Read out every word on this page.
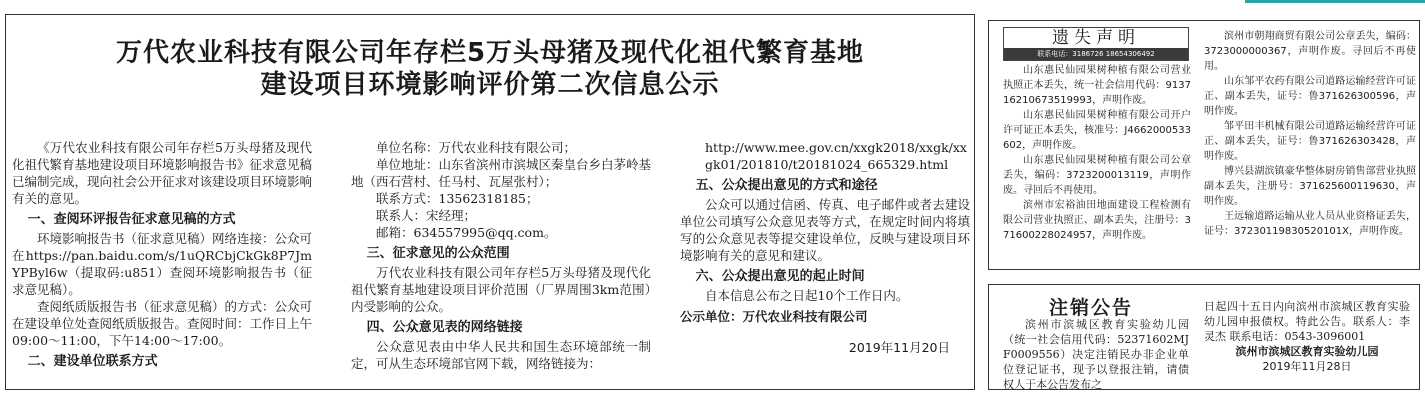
万代农业科技有限公司年存栏5万头母猪及现代化祖代繁育基地
建设项目环境影响评价第二次信息公示

《万代农业科技有限公司年存栏5万头母猪及现代化祖代繁育基地建设项目环境影响报告书》征求意见稿已编制完成，现向社会公开征求对该建设项目环境影响有关的意见。

一、查阅环评报告征求意见稿的方式

环境影响报告书（征求意见稿）网络连接：公众可在https://pan.baidu.com/s/1uQRCbjCkGk8P7JmYPByl6w（提取码:u851）查阅环境影响报告书（征求意见稿）。

查阅纸质版报告书（征求意见稿）的方式：公众可在建设单位处查阅纸质版报告。查阅时间：工作日上午09:00～11:00，下午14:00～17:00。

二、建设单位联系方式

单位名称：万代农业科技有限公司；

单位地址：山东省滨州市滨城区秦皇台乡白茅岭基地（西石营村、任马村、瓦屋张村）；

联系方式：13562318185；

联系人：宋经理；

邮箱：634557995@qq.com。

三、征求意见的公众范围

万代农业科技有限公司年存栏5万头母猪及现代化祖代繁育基地建设项目评价范围（厂界周围3km范围）内受影响的公众。

四、公众意见表的网络链接

公众意见表由中华人民共和国生态环境部统一制定，可从生态环境部官网下载，网络链接为：

http://www.mee.gov.cn/xxgk2018/xxgk/xxgk01/201810/t20181024_665329.html

五、公众提出意见的方式和途径

公众可以通过信函、传真、电子邮件或者去建设单位公司填写公众意见表等方式，在规定时间内将填写的公众意见表等提交建设单位，反映与建设项目环境影响有关的意见和建议。

六、公众提出意见的起止时间

自本信息公布之日起10个工作日内。

公示单位：万代农业科技有限公司

2019年11月20日

遗失声明
联系电话：3186726 18654306492

山东惠民仙园果树种植有限公司营业执照正本丢失，统一社会信用代码：913716210673519993，声明作废。

山东惠民仙园果树种植有限公司开户许可证正本丢失，核准号：J4662000533602，声明作废。

山东惠民仙园果树种植有限公司公章丢失，编码：3723200013119，声明作废。寻回后不再使用。

滨州市宏裕油田地面建设工程检测有限公司营业执照正、副本丢失，注册号：371600228024957，声明作废。

滨州市朝翔商贸有限公司公章丢失，编码：3723000000367，声明作废。寻回后不再使用。

山东邹平农药有限公司道路运输经营许可证正、副本丢失，证号：鲁371626300596，声明作废。

邹平田丰机械有限公司道路运输经营许可证正、副本丢失，证号：鲁371626303428，声明作废。

博兴县湖滨镇豪华整体厨房销售部营业执照副本丢失，注册号：371625600119630，声明作废。

王远输道路运输从业人员从业资格证丢失，证号：372301198305201​01X，声明作废。

注销公告

滨州市滨城区教育实验幼儿园（统一社会信用代码：52371602MJF0009556）决定注销民办非企业单位登记证书，现予以登报注销，请债权人于本公告发布之

日起四十五日内向滨州市滨城区教育实验幼儿园申报债权。特此公告。联系人：李灵杰 联系电话：0543-3096001

滨州市滨城区教育实验幼儿园

2019年11月28日
